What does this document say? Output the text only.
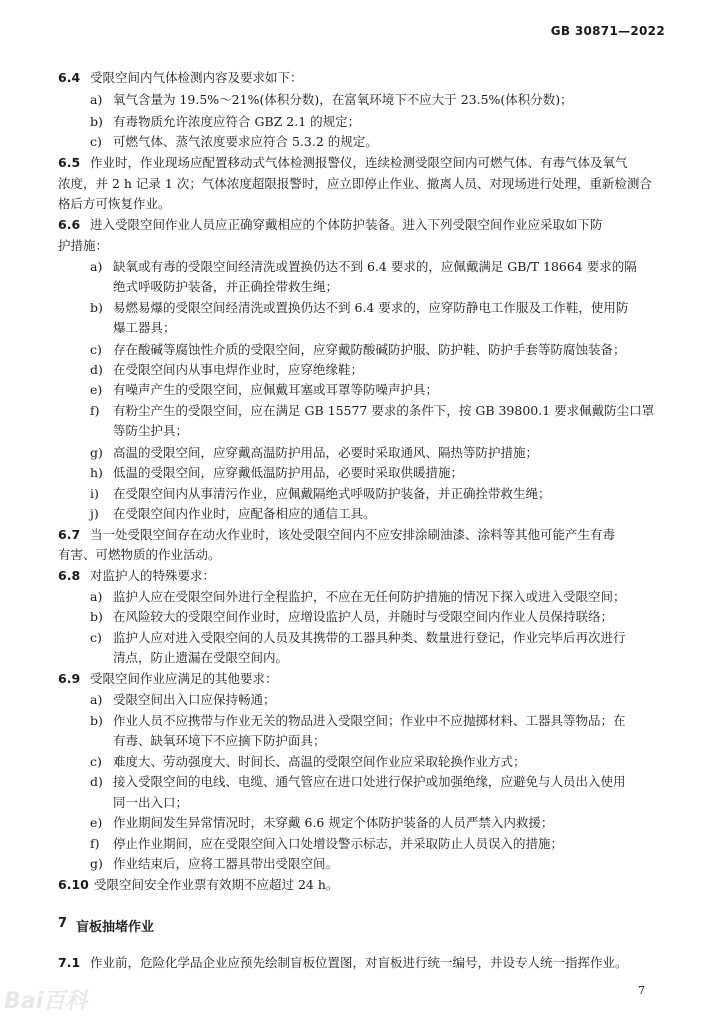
GB 30871—2022
6.4 受限空间内气体检测内容及要求如下：
a) 氧气含量为 19.5%～21%(体积分数)，在富氧环境下不应大于 23.5%(体积分数)；
b) 有毒物质允许浓度应符合 GBZ 2.1 的规定；
c) 可燃气体、蒸气浓度要求应符合 5.3.2 的规定。
6.5 作业时，作业现场应配置移动式气体检测报警仪，连续检测受限空间内可燃气体、有毒气体及氧气
浓度，并 2 h 记录 1 次；气体浓度超限报警时，应立即停止作业、撤离人员、对现场进行处理，重新检测合
格后方可恢复作业。
6.6 进入受限空间作业人员应正确穿戴相应的个体防护装备。进入下列受限空间作业应采取如下防
护措施：
a) 缺氧或有毒的受限空间经清洗或置换仍达不到 6.4 要求的，应佩戴满足 GB/T 18664 要求的隔
绝式呼吸防护装备，并正确拴带救生绳；
b) 易燃易爆的受限空间经清洗或置换仍达不到 6.4 要求的，应穿防静电工作服及工作鞋，使用防
爆工器具；
c) 存在酸碱等腐蚀性介质的受限空间，应穿戴防酸碱防护服、防护鞋、防护手套等防腐蚀装备；
d) 在受限空间内从事电焊作业时，应穿绝缘鞋；
e) 有噪声产生的受限空间，应佩戴耳塞或耳罩等防噪声护具；
f) 有粉尘产生的受限空间，应在满足 GB 15577 要求的条件下，按 GB 39800.1 要求佩戴防尘口罩
等防尘护具；
g) 高温的受限空间，应穿戴高温防护用品，必要时采取通风、隔热等防护措施；
h) 低温的受限空间，应穿戴低温防护用品，必要时采取供暖措施；
i) 在受限空间内从事清污作业，应佩戴隔绝式呼吸防护装备，并正确拴带救生绳；
j) 在受限空间内作业时，应配备相应的通信工具。
6.7 当一处受限空间存在动火作业时，该处受限空间内不应安排涂刷油漆、涂料等其他可能产生有毒
有害、可燃物质的作业活动。
6.8 对监护人的特殊要求：
a) 监护人应在受限空间外进行全程监护，不应在无任何防护措施的情况下探入或进入受限空间；
b) 在风险较大的受限空间作业时，应增设监护人员，并随时与受限空间内作业人员保持联络；
c) 监护人应对进入受限空间的人员及其携带的工器具种类、数量进行登记，作业完毕后再次进行
清点，防止遗漏在受限空间内。
6.9 受限空间作业应满足的其他要求：
a) 受限空间出入口应保持畅通；
b) 作业人员不应携带与作业无关的物品进入受限空间；作业中不应抛掷材料、工器具等物品；在
有毒、缺氧环境下不应摘下防护面具；
c) 难度大、劳动强度大、时间长、高温的受限空间作业应采取轮换作业方式；
d) 接入受限空间的电线、电缆、通气管应在进口处进行保护或加强绝缘，应避免与人员出入使用
同一出入口；
e) 作业期间发生异常情况时，未穿戴 6.6 规定个体防护装备的人员严禁入内救援；
f) 停止作业期间，应在受限空间入口处增设警示标志，并采取防止人员误入的措施；
g) 作业结束后，应将工器具带出受限空间。
Bai百科	7
6.10 受限空间安全作业票有效期不应超过 24 h。
7 盲板抽堵作业
7.1 作业前，危险化学品企业应预先绘制盲板位置图，对盲板进行统一编号，并设专人统一指挥作业。
